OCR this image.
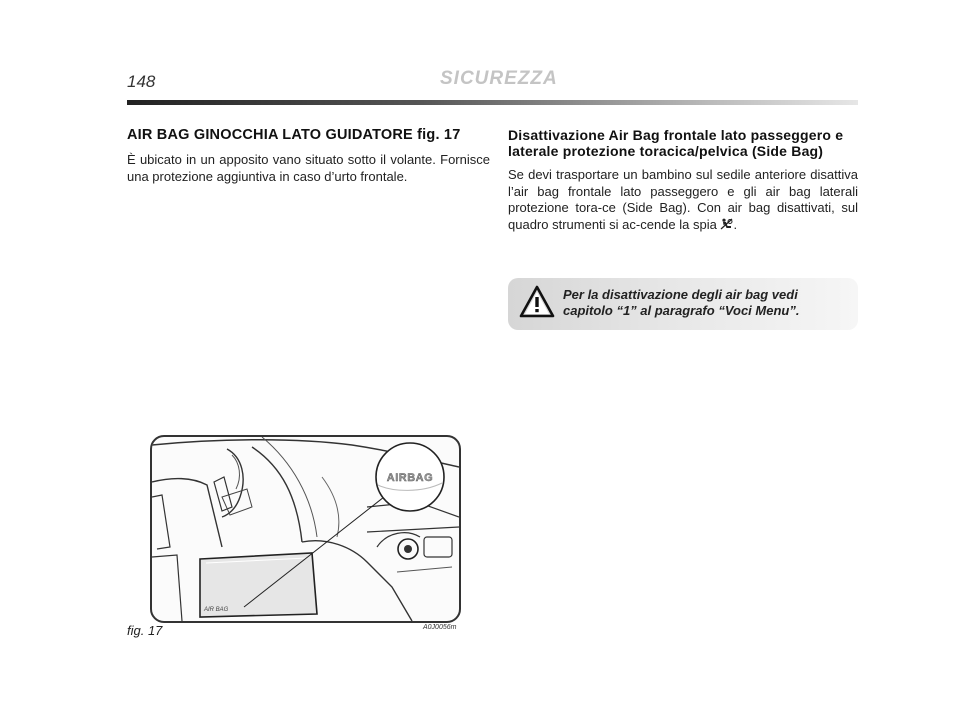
148	SICUREZZA
AIR BAG GINOCCHIA LATO GUIDATORE fig. 17

È ubicato in un apposito vano situato sotto il volante. Fornisce una protezione aggiuntiva in caso d’urto frontale.

Disattivazione Air Bag frontale lato passeggero e laterale protezione toracica/pelvica (Side Bag)

Se devi trasportare un bambino sul sedile anteriore disattiva l’air bag frontale lato passeggero e gli air bag laterali protezione tora-ce (Side Bag). Con air bag disattivati, sul quadro strumenti si ac-cende la spia .

Per la disattivazione degli air bag vedi capitolo “1” al paragrafo “Voci Menu”.
AIR BAG
AIRBAG
fig. 17	A0J0056m
